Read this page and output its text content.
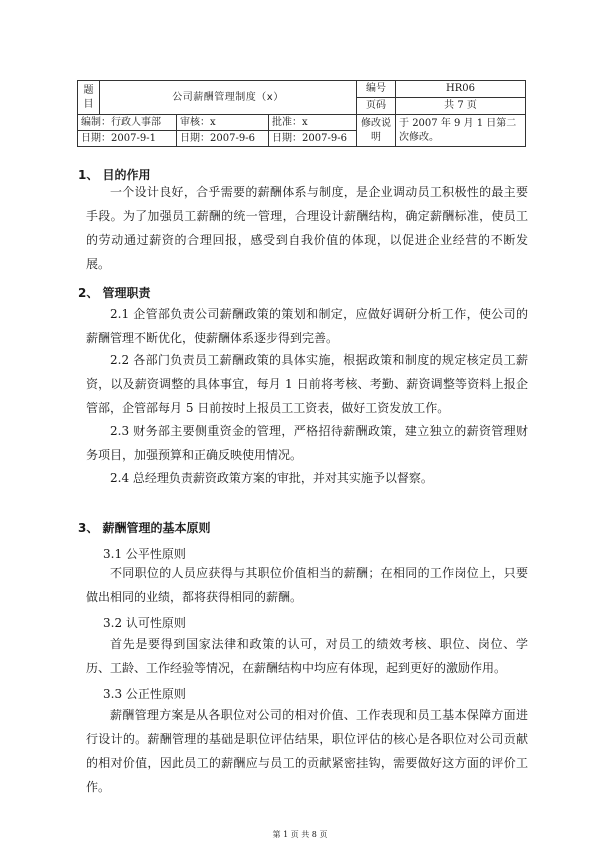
题目	公司薪酬管理制度（x）			编号	HR06
				页码	共 7 页
编制：行政人事部		审核：x	批准：x	修改说明	于 2007 年 9 月 1 日第二次修改。
日期：2007-9-1		日期：2007-9-6	日期：2007-9-6		
1、 目的作用
一个设计良好，合乎需要的薪酬体系与制度，是企业调动员工积极性的最主要手段。为了加强员工薪酬的统一管理，合理设计薪酬结构，确定薪酬标准，使员工的劳动通过薪资的合理回报，感受到自我价值的体现，以促进企业经营的不断发展。
2、 管理职责
2.1 企管部负责公司薪酬政策的策划和制定，应做好调研分析工作，使公司的薪酬管理不断优化，使薪酬体系逐步得到完善。
2.2 各部门负责员工薪酬政策的具体实施，根据政策和制度的规定核定员工薪资，以及薪资调整的具体事宜，每月 1 日前将考核、考勤、薪资调整等资料上报企管部，企管部每月 5 日前按时上报员工工资表，做好工资发放工作。
2.3 财务部主要侧重资金的管理，严格招待薪酬政策，建立独立的薪资管理财务项目，加强预算和正确反映使用情况。
2.4 总经理负责薪资政策方案的审批，并对其实施予以督察。
3、 薪酬管理的基本原则
3.1 公平性原则
不同职位的人员应获得与其职位价值相当的薪酬；在相同的工作岗位上，只要做出相同的业绩，都将获得相同的薪酬。
3.2 认可性原则
首先是要得到国家法律和政策的认可，对员工的绩效考核、职位、岗位、学历、工龄、工作经验等情况，在薪酬结构中均应有体现，起到更好的激励作用。
3.3 公正性原则
薪酬管理方案是从各职位对公司的相对价值、工作表现和员工基本保障方面进行设计的。薪酬管理的基础是职位评估结果，职位评估的核心是各职位对公司贡献的相对价值，因此员工的薪酬应与员工的贡献紧密挂钩，需要做好这方面的评价工作。
第 1 页 共 8 页
